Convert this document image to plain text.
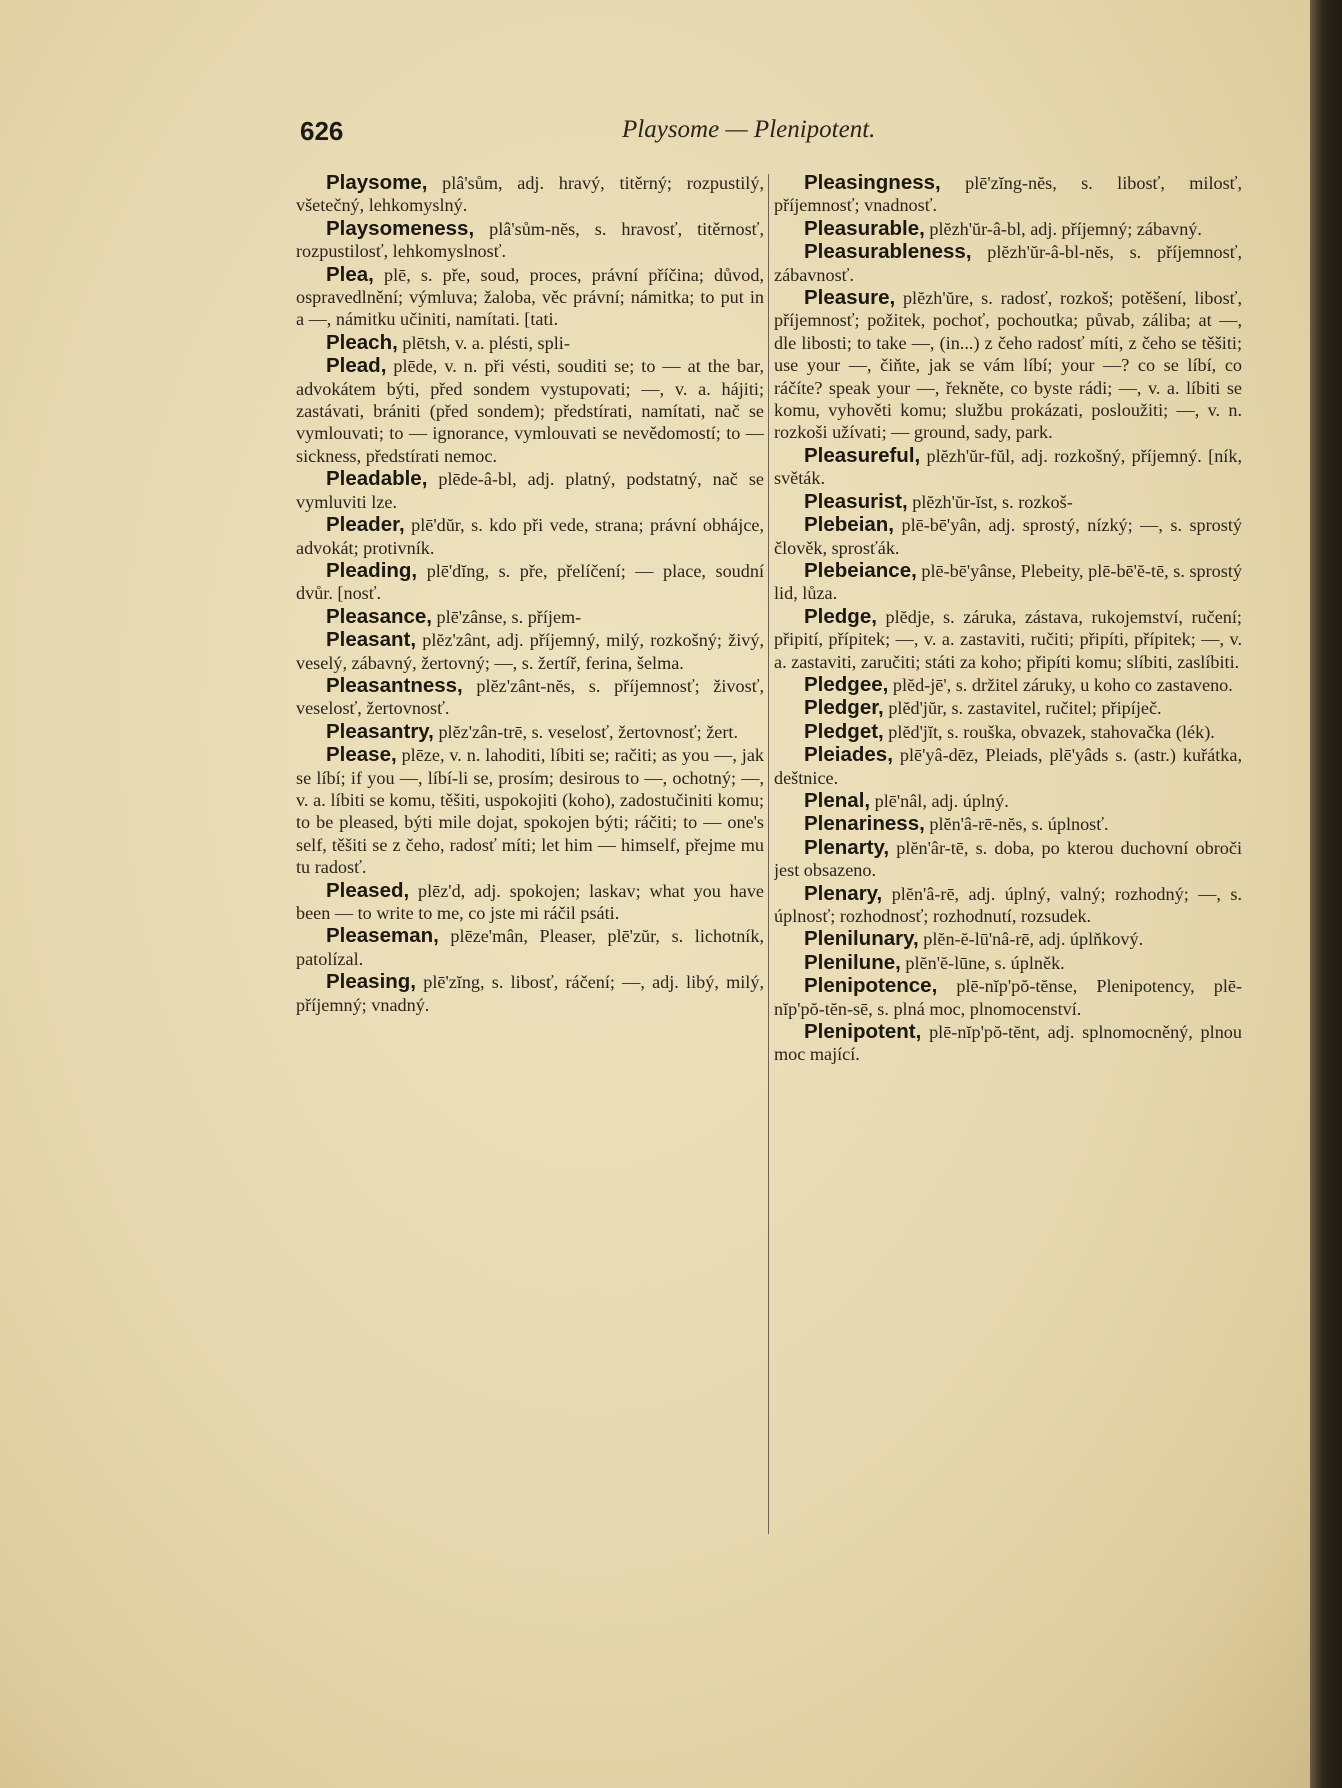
626	Playsome — Plenipotent.

Playsome, plâ'sům, adj. hravý, titěrný; rozpustilý, všetečný, lehkomyslný.

Playsomeness, plâ'sům-nĕs, s. hravosť, titěrnosť, rozpustilosť, lehkomyslnosť.

Plea, plē, s. pře, soud, proces, právní příčina; důvod, ospravedlnění; výmluva; žaloba, věc právní; námitka; to put in a —, námitku učiniti, namítati. [tati.

Pleach, plētsh, v. a. plésti, spli-

Plead, plēde, v. n. při vésti, souditi se; to — at the bar, advokátem býti, před sondem vystupovati; —, v. a. hájiti; zastávati, brániti (před sondem); předstírati, namítati, nač se vymlouvati; to — ignorance, vymlouvati se nevědomostí; to — sickness, předstírati nemoc.

Pleadable, plēde-â-bl, adj. platný, podstatný, nač se vymluviti lze.

Pleader, plē'dŭr, s. kdo při vede, strana; právní obhájce, advokát; protivník.

Pleading, plē'dĭng, s. pře, přelíčení; — place, soudní dvůr. [nosť.

Pleasance, plē'zânse, s. příjem-

Pleasant, plĕz'zânt, adj. příjemný, milý, rozkošný; živý, veselý, zábavný, žertovný; —, s. žertíř, ferina, šelma.

Pleasantness, plĕz'zânt-nĕs, s. příjemnosť; živosť, veselosť, žertovnosť.

Pleasantry, plĕz'zân-trē, s. veselosť, žertovnosť; žert.

Please, plēze, v. n. lahoditi, líbiti se; račiti; as you —, jak se líbí; if you —, líbí-li se, prosím; desirous to —, ochotný; —, v. a. líbiti se komu, těšiti, uspokojiti (koho), zadostučiniti komu; to be pleased, býti mile dojat, spokojen býti; ráčiti; to — one's self, těšiti se z čeho, radosť míti; let him — himself, přejme mu tu radosť.

Pleased, plēz'd, adj. spokojen; laskav; what you have been — to write to me, co jste mi ráčil psáti.

Pleaseman, plēze'mân, Pleaser, plē'zŭr, s. lichotník, patolízal.

Pleasing, plē'zĭng, s. libosť, ráčení; —, adj. libý, milý, příjemný; vnadný.

Pleasingness, plē'zĭng-nĕs, s. libosť, milosť, příjemnosť; vnadnosť.

Pleasurable, plĕzh'ŭr-â-bl, adj. příjemný; zábavný.

Pleasurableness, plĕzh'ŭr-â-bl-nĕs, s. příjemnosť, zábavnosť.

Pleasure, plĕzh'ŭre, s. radosť, rozkoš; potěšení, libosť, příjemnosť; požitek, pochoť, pochoutka; půvab, záliba; at —, dle libosti; to take —, (in...) z čeho radosť míti, z čeho se těšiti; use your —, čiňte, jak se vám líbí; your —? co se líbí, co ráčíte? speak your —, řekněte, co byste rádi; —, v. a. líbiti se komu, vyhověti komu; službu prokázati, posloužiti; —, v. n. rozkoši užívati; — ground, sady, park.

Pleasureful, plĕzh'ŭr-fŭl, adj. rozkošný, příjemný. [ník, světák.

Pleasurist, plĕzh'ŭr-ĭst, s. rozkoš-

Plebeian, plē-bē'yân, adj. sprostý, nízký; —, s. sprostý člověk, sprosťák.

Plebeiance, plē-bē'yânse, Plebeity, plē-bē'ĕ-tē, s. sprostý lid, lůza.

Pledge, plĕdje, s. záruka, zástava, rukojemství, ručení; připití, přípitek; —, v. a. zastaviti, ručiti; připíti, přípitek; —, v. a. zastaviti, zaručiti; státi za koho; připíti komu; slíbiti, zaslíbiti.

Pledgee, plĕd-jē', s. držitel záruky, u koho co zastaveno.

Pledger, plĕd'jŭr, s. zastavitel, ručitel; připíječ.

Pledget, plĕd'jĭt, s. rouška, obvazek, stahovačka (lék).

Pleiades, plē'yâ-dēz, Pleiads, plē'yâds s. (astr.) kuřátka, deštnice.

Plenal, plē'nâl, adj. úplný.

Plenariness, plĕn'â-rē-nĕs, s. úplnosť.

Plenarty, plĕn'âr-tē, s. doba, po kterou duchovní obroči jest obsazeno.

Plenary, plĕn'â-rē, adj. úplný, valný; rozhodný; —, s. úplnosť; rozhodnosť; rozhodnutí, rozsudek.

Plenilunary, plĕn-ĕ-lū'nâ-rē, adj. úplňkový.

Plenilune, plĕn'ĕ-lūne, s. úplněk.

Plenipotence, plē-nĭp'pŏ-tĕnse, Plenipotency, plē-nĭp'pŏ-tĕn-sē, s. plná moc, plnomocenství.

Plenipotent, plē-nĭp'pŏ-tĕnt, adj. splnomocněný, plnou moc mající.
